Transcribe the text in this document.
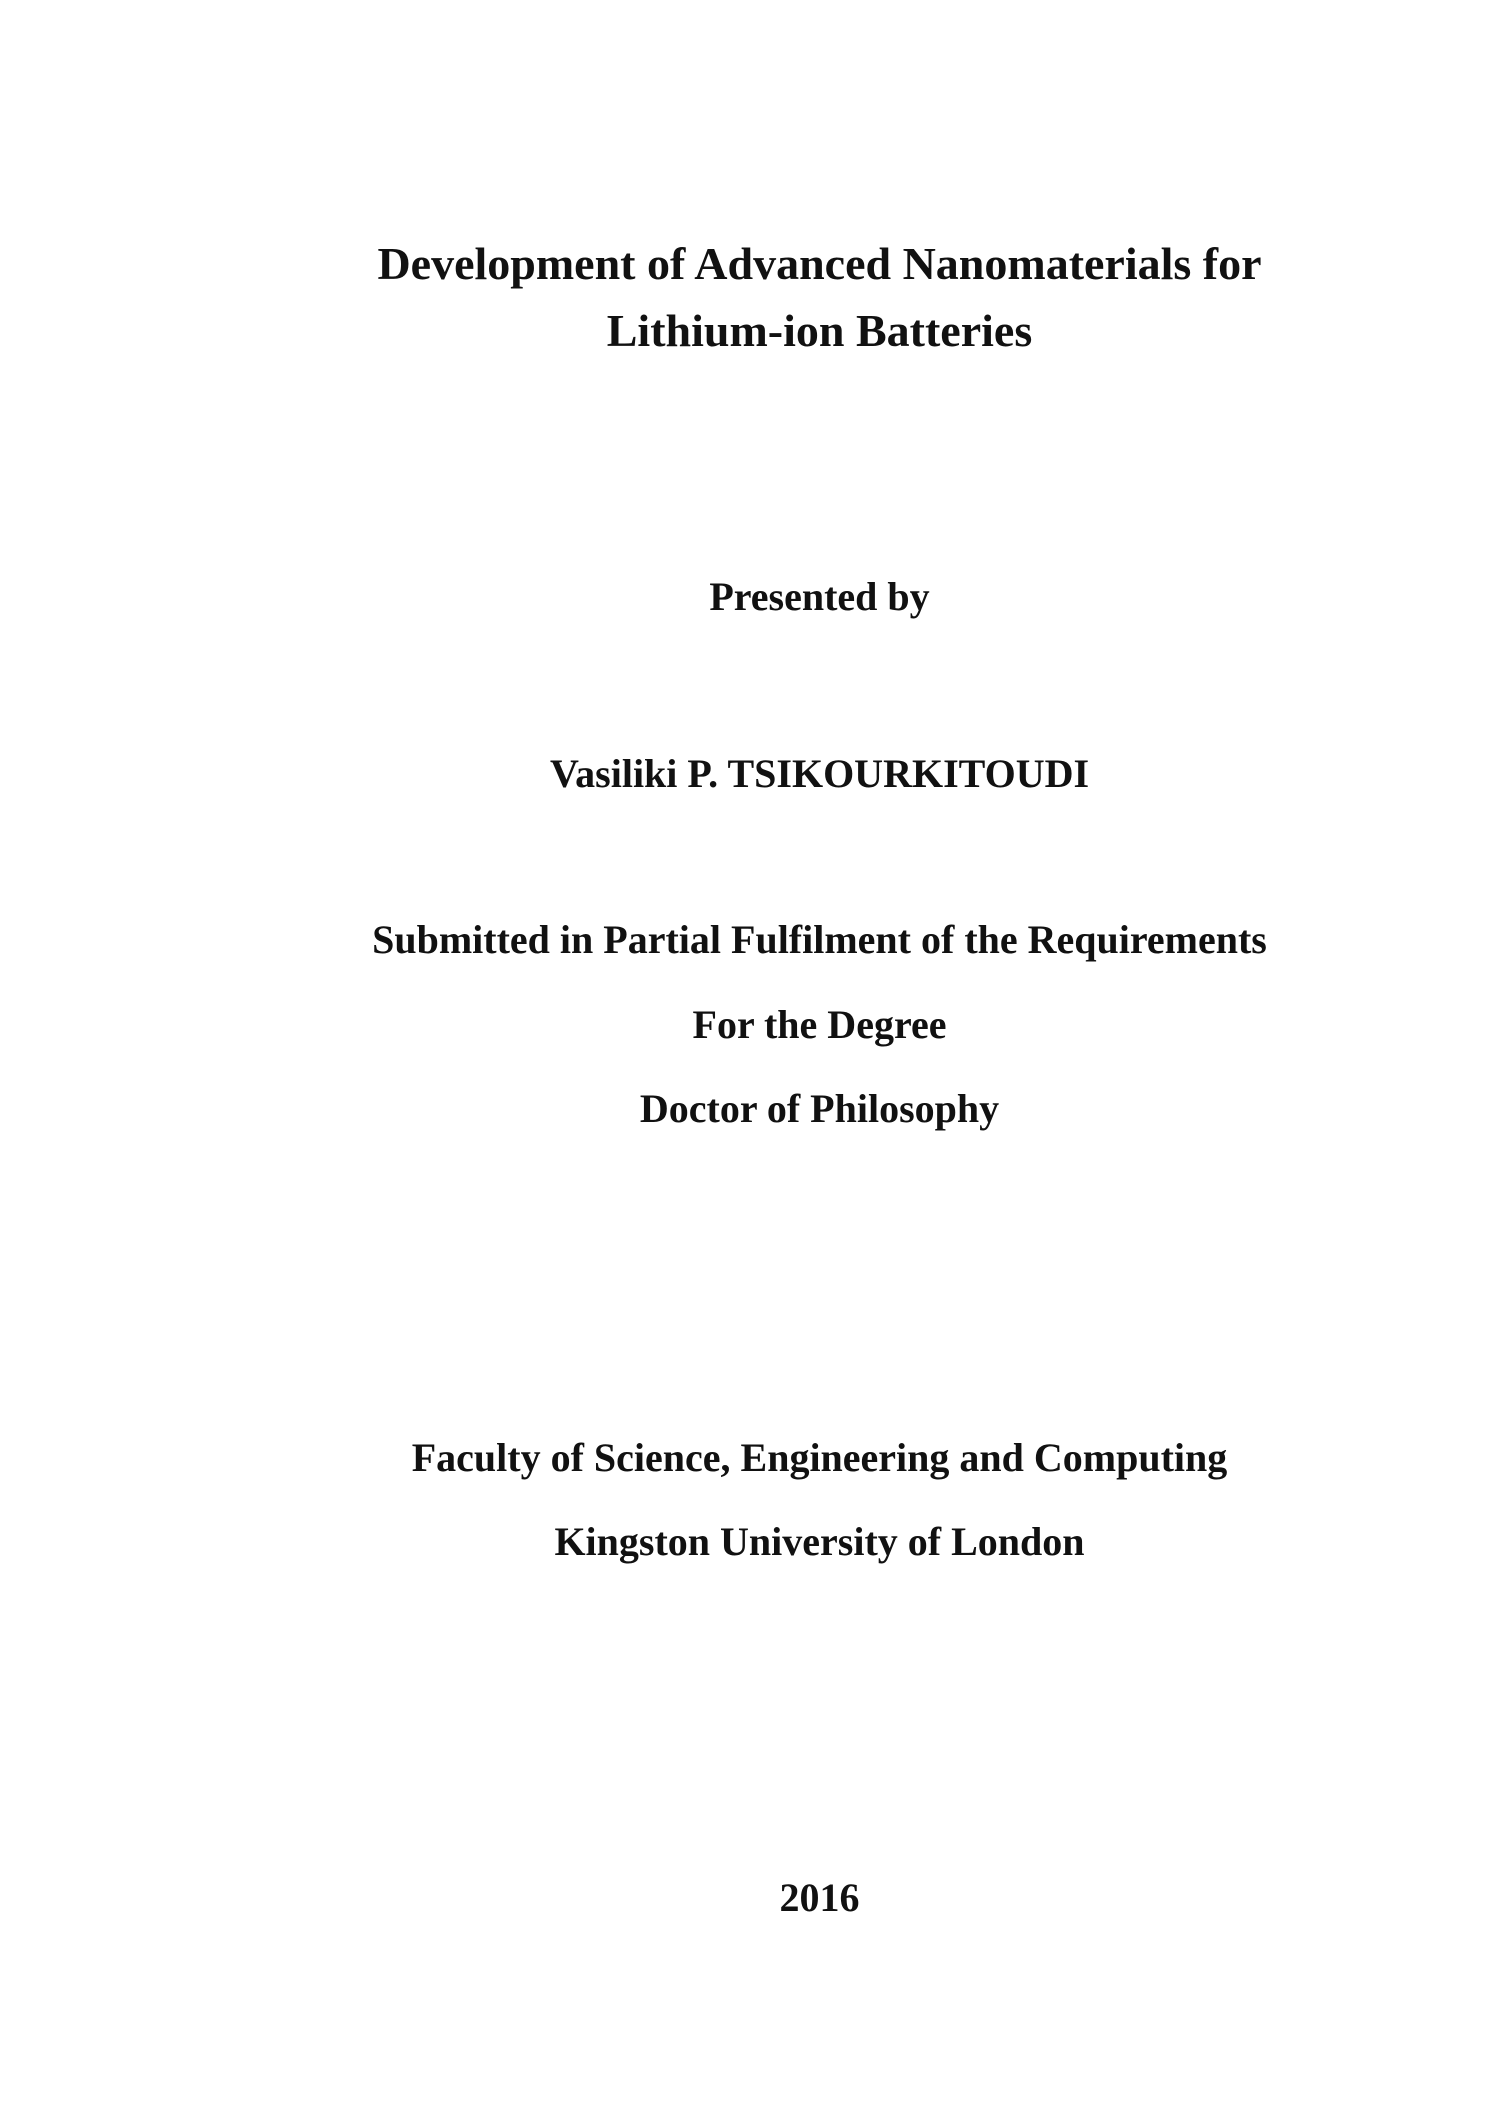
Development of Advanced Nanomaterials for
Lithium-ion Batteries
Presented by
Vasiliki P. TSIKOURKITOUDI
Submitted in Partial Fulfilment of the Requirements
For the Degree
Doctor of Philosophy
Faculty of Science, Engineering and Computing
Kingston University of London
2016
